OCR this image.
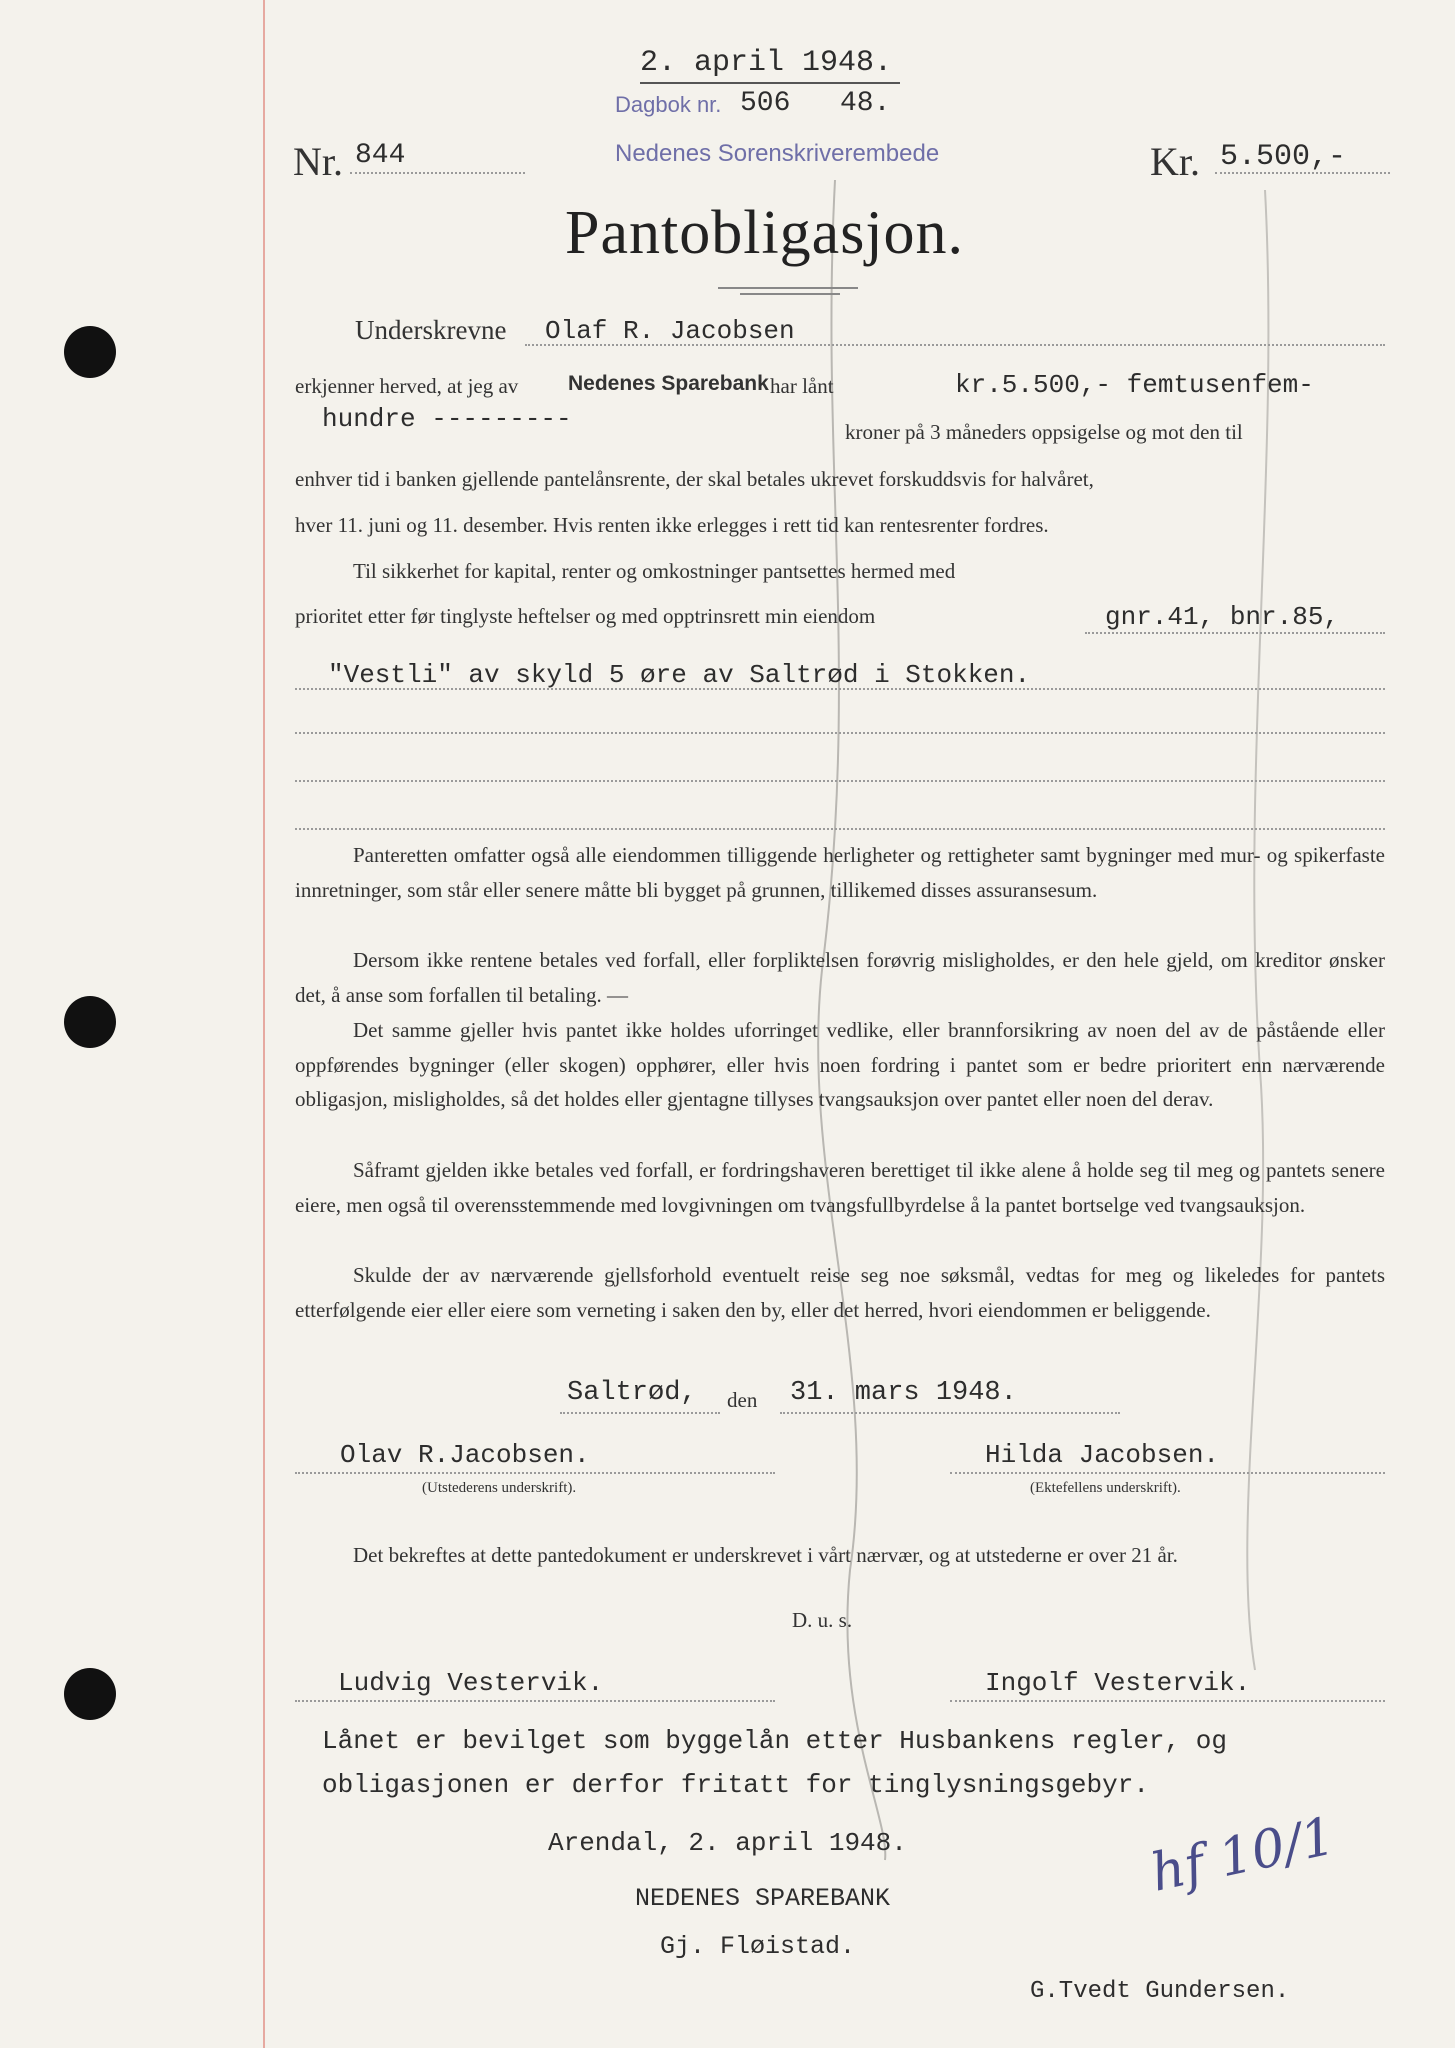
2. april 1948.
Dagbok nr. 506 48.
Nedenes Sorenskriverembede
Nr. 844	Kr. 5.500,-
Pantobligasjon.
Underskrevne Olaf R. Jacobsen
erkjenner herved, at jeg av Nedenes Sparebank har lånt	kr.5.500,- femtusenfem-
hundre ---------	kroner på 3 måneders oppsigelse og mot den til
enhver tid i banken gjellende pantelånsrente, der skal betales ukrevet forskuddsvis for halvåret,
hver 11. juni og 11. desember. Hvis renten ikke erlegges i rett tid kan rentesrenter fordres.
Til sikkerhet for kapital, renter og omkostninger pantsettes hermed med
prioritet etter før tinglyste heftelser og med opptrinsrett min eiendom	gnr.41, bnr.85,
"Vestli" av skyld 5 øre av Saltrød i Stokken.
Panteretten omfatter også alle eiendommen tilliggende herligheter og rettigheter samt bygninger med mur- og spikerfaste innretninger, som står eller senere måtte bli bygget på grunnen, tillikemed disses assuransesum.
Dersom ikke rentene betales ved forfall, eller forpliktelsen forøvrig misligholdes, er den hele gjeld, om kreditor ønsker det, å anse som forfallen til betaling. —
Det samme gjeller hvis pantet ikke holdes uforringet vedlike, eller brannforsikring av noen del av de påstående eller oppførendes bygninger (eller skogen) opphører, eller hvis noen fordring i pantet som er bedre prioritert enn nærværende obligasjon, misligholdes, så det holdes eller gjentagne tillyses tvangsauksjon over pantet eller noen del derav.
Såframt gjelden ikke betales ved forfall, er fordringshaveren berettiget til ikke alene å holde seg til meg og pantets senere eiere, men også til overensstemmende med lovgivningen om tvangsfullbyrdelse å la pantet bortselge ved tvangsauksjon.
Skulde der av nærværende gjellsforhold eventuelt reise seg noe søksmål, vedtas for meg og likeledes for pantets etterfølgende eier eller eiere som verneting i saken den by, eller det herred, hvori eiendommen er beliggende.
Saltrød, den 31. mars 1948.
Olav R.Jacobsen.
(Utstederens underskrift).
Hilda Jacobsen.
(Ektefellens underskrift).
Det bekreftes at dette pantedokument er underskrevet i vårt nærvær, og at utstederne er over 21 år.
D. u. s.
Ludvig Vestervik.	Ingolf Vestervik.
Lånet er bevilget som byggelån etter Husbankens regler, og
obligasjonen er derfor fritatt for tinglysningsgebyr.
Arendal, 2. april 1948.
NEDENES SPAREBANK
Gj. Fløistad.
hf 10/1
G.Tvedt Gundersen.
